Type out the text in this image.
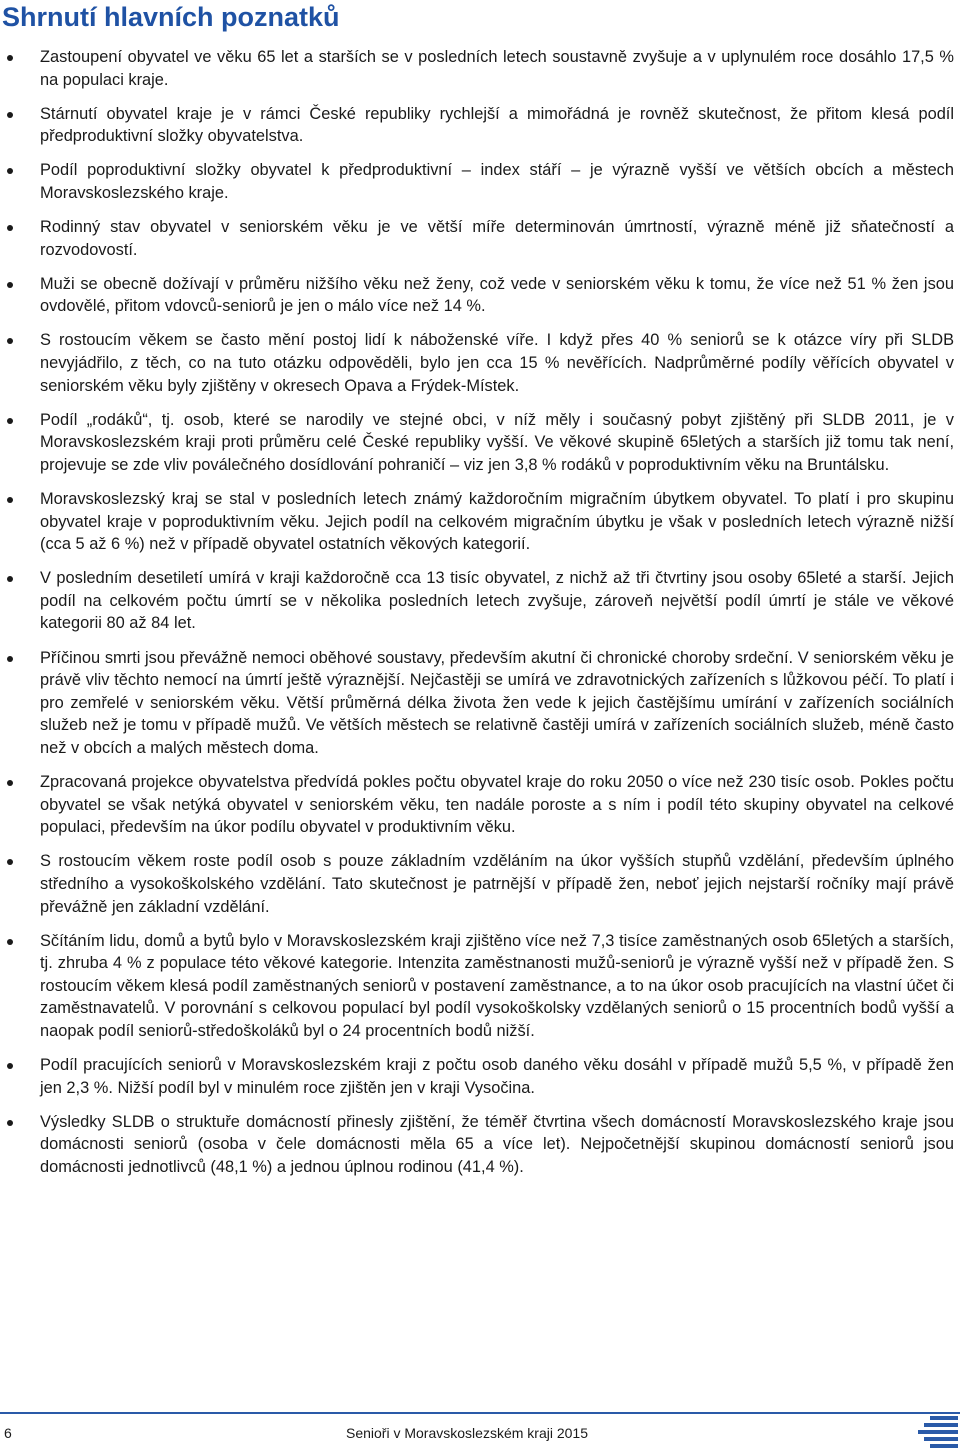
Shrnutí hlavních poznatků
Zastoupení obyvatel ve věku 65 let a starších se v posledních letech soustavně zvyšuje a v uplynulém roce dosáhlo 17,5 % na populaci kraje.
Stárnutí obyvatel kraje je v rámci České republiky rychlejší a mimořádná je rovněž skutečnost, že přitom klesá podíl předproduktivní složky obyvatelstva.
Podíl poproduktivní složky obyvatel k předproduktivní – index stáří – je výrazně vyšší ve větších obcích a městech Moravskoslezského kraje.
Rodinný stav obyvatel v seniorském věku je ve větší míře determinován úmrtností, výrazně méně již sňatečností a rozvodovostí.
Muži se obecně dožívají v průměru nižšího věku než ženy, což vede v seniorském věku k tomu, že více než 51 % žen jsou ovdovělé, přitom vdovců-seniorů je jen o málo více než 14 %.
S rostoucím věkem se často mění postoj lidí k náboženské víře. I když přes 40 % seniorů se k otázce víry při SLDB nevyjádřilo, z těch, co na tuto otázku odpověděli, bylo jen cca 15 % nevěřících. Nadprůměrné podíly věřících obyvatel v seniorském věku byly zjištěny v okresech Opava a Frýdek-Místek.
Podíl „rodáků“, tj. osob, které se narodily ve stejné obci, v níž měly i současný pobyt zjištěný při SLDB 2011, je v Moravskoslezském kraji proti průměru celé České republiky vyšší. Ve věkové skupině 65letých a starších již tomu tak není, projevuje se zde vliv poválečného dosídlování pohraničí – viz jen 3,8 % rodáků v poproduktivním věku na Bruntálsku.
Moravskoslezský kraj se stal v posledních letech známý každoročním migračním úbytkem obyvatel. To platí i pro skupinu obyvatel kraje v poproduktivním věku. Jejich podíl na celkovém migračním úbytku je však v posledních letech výrazně nižší (cca 5 až 6 %) než v případě obyvatel ostatních věkových kategorií.
V posledním desetiletí umírá v kraji každoročně cca 13 tisíc obyvatel, z nichž až tři čtvrtiny jsou osoby 65leté a starší. Jejich podíl na celkovém počtu úmrtí se v několika posledních letech zvyšuje, zároveň největší podíl úmrtí je stále ve věkové kategorii 80 až 84 let.
Příčinou smrti jsou převážně nemoci oběhové soustavy, především akutní či chronické choroby srdeční. V seniorském věku je právě vliv těchto nemocí na úmrtí ještě výraznější. Nejčastěji se umírá ve zdravotnických zařízeních s lůžkovou péčí. To platí i pro zemřelé v seniorském věku. Větší průměrná délka života žen vede k jejich častějšímu umírání v zařízeních sociálních služeb než je tomu v případě mužů. Ve větších městech se relativně častěji umírá v zařízeních sociálních služeb, méně často než v obcích a malých městech doma.
Zpracovaná projekce obyvatelstva předvídá pokles počtu obyvatel kraje do roku 2050 o více než 230 tisíc osob. Pokles počtu obyvatel se však netýká obyvatel v seniorském věku, ten nadále poroste a s ním i podíl této skupiny obyvatel na celkové populaci, především na úkor podílu obyvatel v produktivním věku.
S rostoucím věkem roste podíl osob s pouze základním vzděláním na úkor vyšších stupňů vzdělání, především úplného středního a vysokoškolského vzdělání. Tato skutečnost je patrnější v případě žen, neboť jejich nejstarší ročníky mají právě převážně jen základní vzdělání.
Sčítáním lidu, domů a bytů bylo v Moravskoslezském kraji zjištěno více než 7,3 tisíce zaměstnaných osob 65letých a starších, tj. zhruba 4 % z populace této věkové kategorie. Intenzita zaměstnanosti mužů-seniorů je výrazně vyšší než v případě žen. S rostoucím věkem klesá podíl zaměstnaných seniorů v postavení zaměstnance, a to na úkor osob pracujících na vlastní účet či zaměstnavatelů. V porovnání s celkovou populací byl podíl vysokoškolsky vzdělaných seniorů o 15 procentních bodů vyšší a naopak podíl seniorů-středoškoláků byl o 24 procentních bodů nižší.
Podíl pracujících seniorů v Moravskoslezském kraji z počtu osob daného věku dosáhl v případě mužů 5,5 %, v případě žen jen 2,3 %. Nižší podíl byl v minulém roce zjištěn jen v kraji Vysočina.
Výsledky SLDB o struktuře domácností přinesly zjištění, že téměř čtvrtina všech domácností Moravskoslezského kraje jsou domácnosti seniorů (osoba v čele domácnosti měla 65 a více let). Nejpočetnější skupinou domácností seniorů jsou domácnosti jednotlivců (48,1 %) a jednou úplnou rodinou (41,4 %).
6	Senioři v Moravskoslezském kraji 2015
